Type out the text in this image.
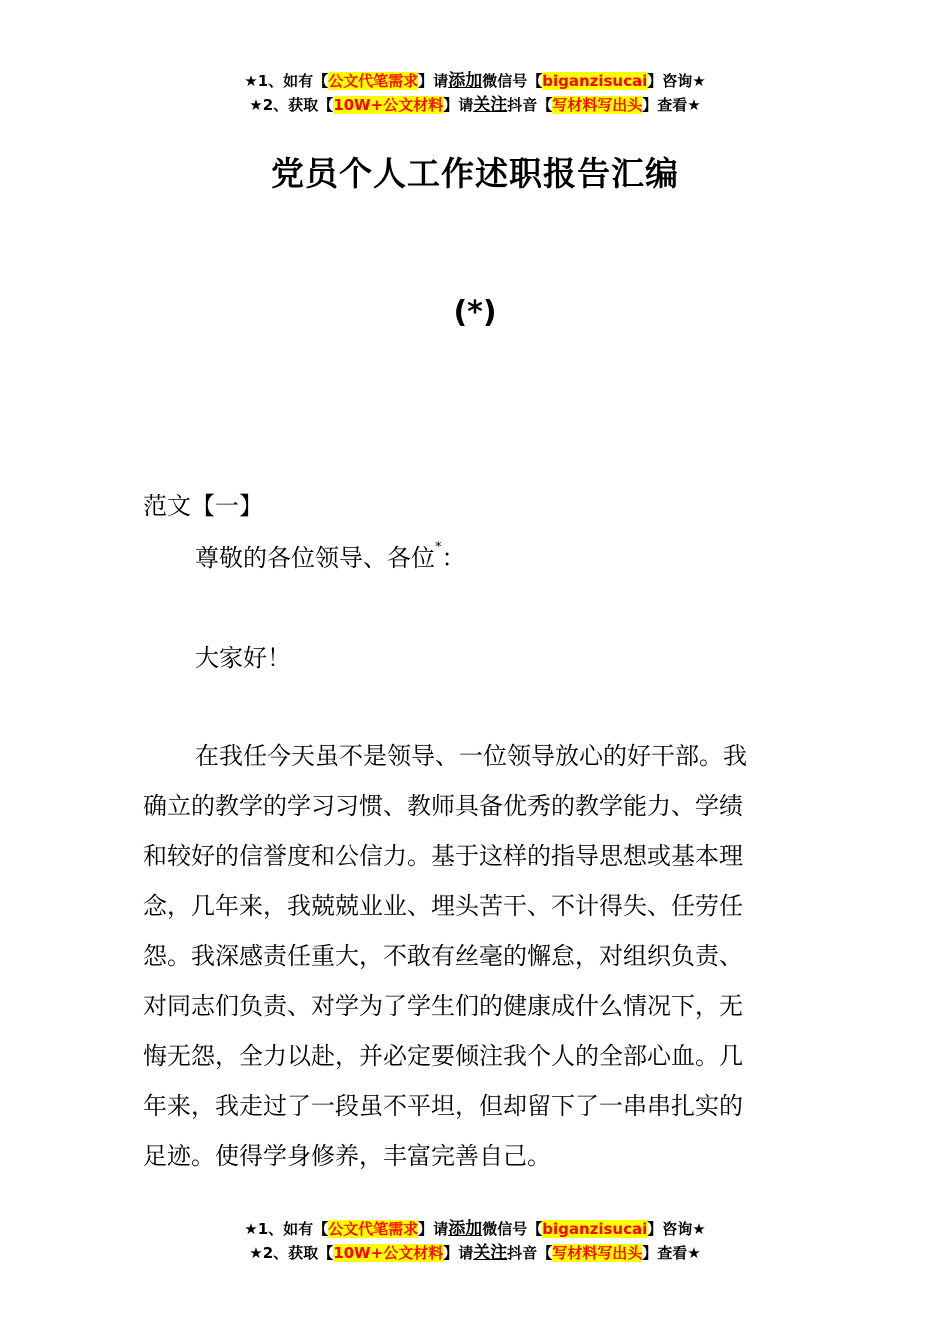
★1、如有【公文代笔需求】请添加微信号【biganzisucai】咨询★
★2、获取【10W+公文材料】请关注抖音【写材料写出头】查看★
党员个人工作述职报告汇编
(*)
范文【一】
尊敬的各位领导、各位*：
大家好！
在我任今天虽不是领导、一位领导放心的好干部。我
确立的教学的学习习惯、教师具备优秀的教学能力、学绩
和较好的信誉度和公信力。基于这样的指导思想或基本理
念，几年来，我兢兢业业、埋头苦干、不计得失、任劳任
怨。我深感责任重大，不敢有丝毫的懈怠，对组织负责、
对同志们负责、对学为了学生们的健康成什么情况下，无
悔无怨，全力以赴，并必定要倾注我个人的全部心血。几
年来，我走过了一段虽不平坦，但却留下了一串串扎实的
足迹。使得学身修养，丰富完善自己。
★1、如有【公文代笔需求】请添加微信号【biganzisucai】咨询★
★2、获取【10W+公文材料】请关注抖音【写材料写出头】查看★
